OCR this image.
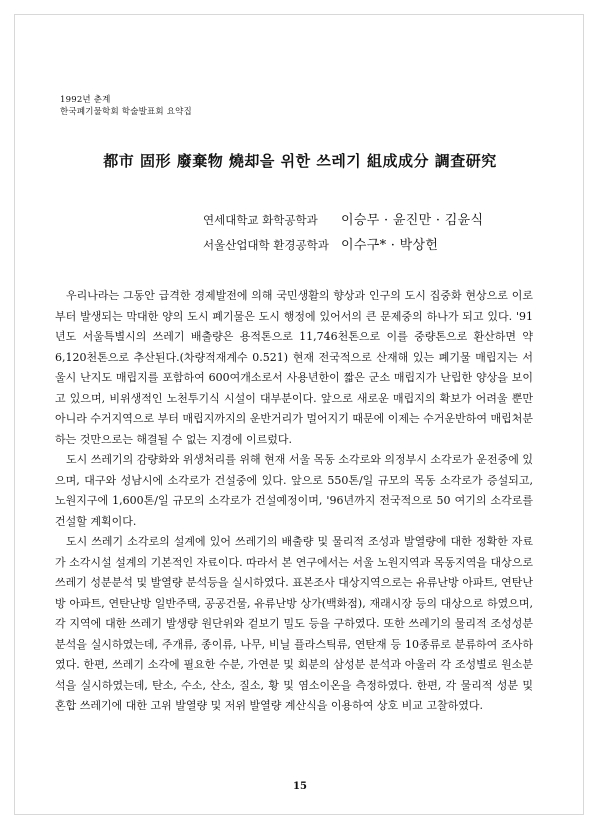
1992년 춘계
한국폐기물학회 학술발표회 요약집
都市 固形 廢棄物 燒却을 위한 쓰레기 組成成分 調査研究
연세대학교 화학공학과 이승무 · 윤진만 · 김윤식
서울산업대학 환경공학과 이수구* · 박상헌

우리나라는 그동안 급격한 경제발전에 의해 국민생활의 향상과 인구의 도시 집중화 현상으로 이로부터 발생되는 막대한 양의 도시 폐기물은 도시 행정에 있어서의 큰 문제중의 하나가 되고 있다. '91년도 서울특별시의 쓰레기 배출량은 용적톤으로 11,746천톤으로 이를 중량톤으로 환산하면 약 6,120천톤으로 추산된다.(차량적재계수 0.521) 현재 전국적으로 산재해 있는 폐기물 매립지는 서울시 난지도 매립지를 포함하여 600여개소로서 사용년한이 짧은 군소 매립지가 난립한 양상을 보이고 있으며, 비위생적인 노천투기식 시설이 대부분이다. 앞으로 새로운 매립지의 확보가 어려울 뿐만 아니라 수거지역으로 부터 매립지까지의 운반거리가 멀어지기 때문에 이제는 수거운반하여 매립처분하는 것만으로는 해결될 수 없는 지경에 이르렀다.

도시 쓰레기의 감량화와 위생처리를 위해 현재 서울 목동 소각로와 의정부시 소각로가 운전중에 있으며, 대구와 성남시에 소각로가 건설중에 있다. 앞으로 550톤/일 규모의 목동 소각로가 증설되고, 노원지구에 1,600톤/일 규모의 소각로가 건설예정이며, '96년까지 전국적으로 50 여기의 소각로를 건설할 계획이다.

도시 쓰레기 소각로의 설계에 있어 쓰레기의 배출량 및 물리적 조성과 발열량에 대한 정확한 자료가 소각시설 설계의 기본적인 자료이다. 따라서 본 연구에서는 서울 노원지역과 목동지역을 대상으로 쓰레기 성분분석 및 발열량 분석등을 실시하였다. 표본조사 대상지역으로는 유류난방 아파트, 연탄난방 아파트, 연탄난방 일반주택, 공공건물, 유류난방 상가(백화점), 재래시장 등의 대상으로 하였으며, 각 지역에 대한 쓰레기 발생량 원단위와 겉보기 밀도 등을 구하였다. 또한 쓰레기의 물리적 조성성분 분석을 실시하였는데, 주개류, 종이류, 나무, 비닐 플라스틱류, 연탄재 등 10종류로 분류하여 조사하였다. 한편, 쓰레기 소각에 필요한 수분, 가연분 및 회분의 삼성분 분석과 아울러 각 조성별로 원소분석을 실시하였는데, 탄소, 수소, 산소, 질소, 황 및 염소이온을 측정하였다. 한편, 각 물리적 성분 및 혼합 쓰레기에 대한 고위 발열량 및 저위 발열량 계산식을 이용하여 상호 비교 고찰하였다.

15
